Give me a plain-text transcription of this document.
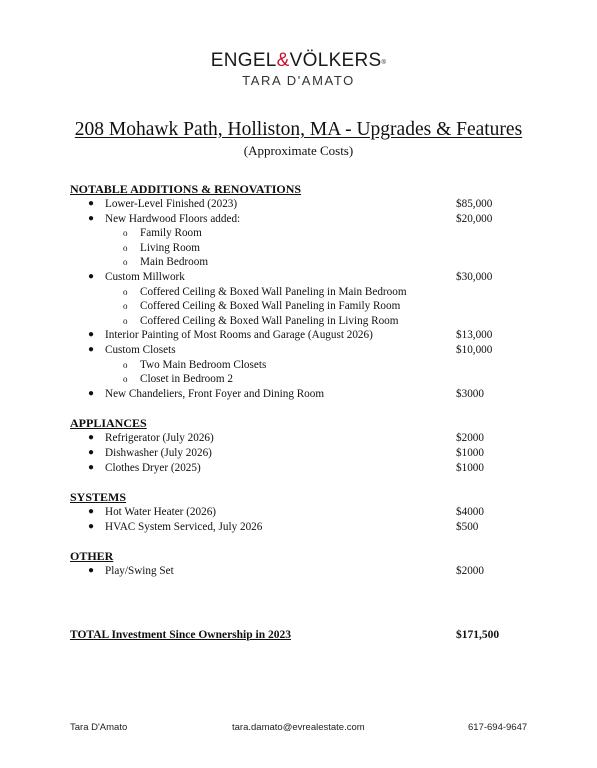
ENGEL&VÖLKERS®
TARA D'AMATO
208 Mohawk Path, Holliston, MA - Upgrades & Features
(Approximate Costs)
NOTABLE ADDITIONS & RENOVATIONS
● Lower-Level Finished (2023)	$85,000
● New Hardwood Floors added:	$20,000
o Family Room
o Living Room
o Main Bedroom
● Custom Millwork	$30,000
o Coffered Ceiling & Boxed Wall Paneling in Main Bedroom
o Coffered Ceiling & Boxed Wall Paneling in Family Room
o Coffered Ceiling & Boxed Wall Paneling in Living Room
● Interior Painting of Most Rooms and Garage (August 2026)	$13,000
● Custom Closets	$10,000
o Two Main Bedroom Closets
o Closet in Bedroom 2
● New Chandeliers, Front Foyer and Dining Room	$3000
APPLIANCES
● Refrigerator (July 2026)	$2000
● Dishwasher (July 2026)	$1000
● Clothes Dryer (2025)	$1000
SYSTEMS
● Hot Water Heater (2026)	$4000
● HVAC System Serviced, July 2026	$500
OTHER
● Play/Swing Set	$2000
TOTAL Investment Since Ownership in 2023	$171,500
Tara D'Amato	tara.damato@evrealestate.com	617-694-9647
